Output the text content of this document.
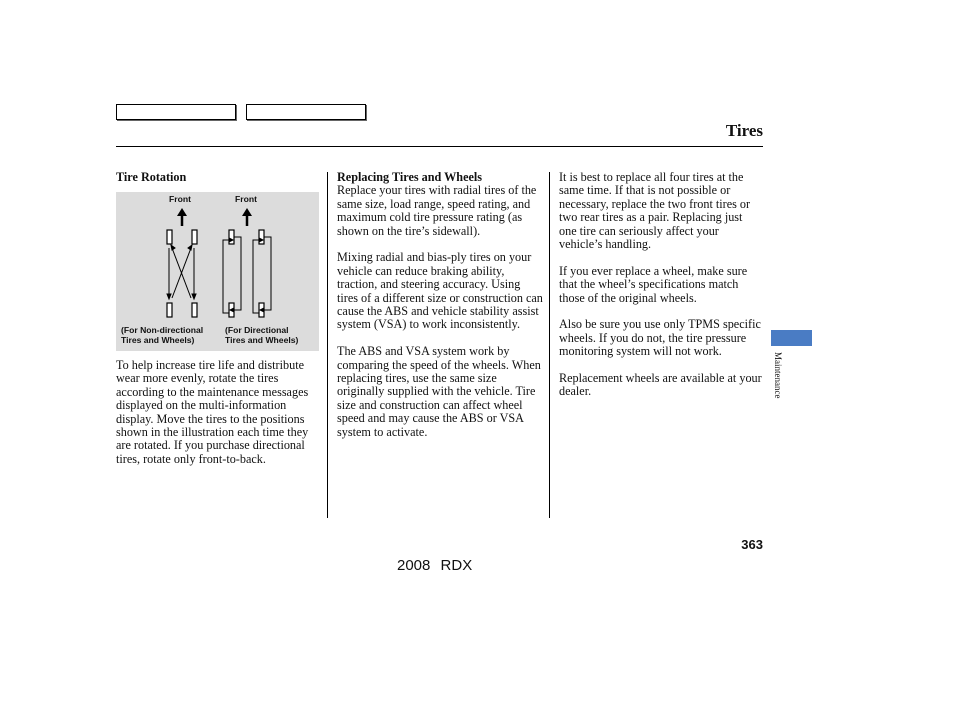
Tires
Tire Rotation
Front	Front
(For Non-directional
Tires and Wheels)
(For Directional
Tires and Wheels)
To help increase tire life and distribute wear more evenly, rotate the tires according to the maintenance messages displayed on the multi-information display. Move the tires to the positions shown in the illustration each time they are rotated. If you purchase directional tires, rotate only front-to-back.
Replacing Tires and Wheels

Replace your tires with radial tires of the same size, load range, speed rating, and maximum cold tire pressure rating (as shown on the tire’s sidewall).

Mixing radial and bias-ply tires on your vehicle can reduce braking ability, traction, and steering accuracy. Using tires of a different size or construction can cause the ABS and vehicle stability assist system (VSA) to work inconsistently.

The ABS and VSA system work by comparing the speed of the wheels. When replacing tires, use the same size originally supplied with the vehicle. Tire size and construction can affect wheel speed and may cause the ABS or VSA system to activate.

It is best to replace all four tires at the same time. If that is not possible or necessary, replace the two front tires or two rear tires as a pair. Replacing just one tire can seriously affect your vehicle’s handling.

If you ever replace a wheel, make sure that the wheel’s specifications match those of the original wheels.

Also be sure you use only TPMS specific wheels. If you do not, the tire pressure monitoring system will not work.

Replacement wheels are available at your dealer.	Maintenance
363
2008 RDX
